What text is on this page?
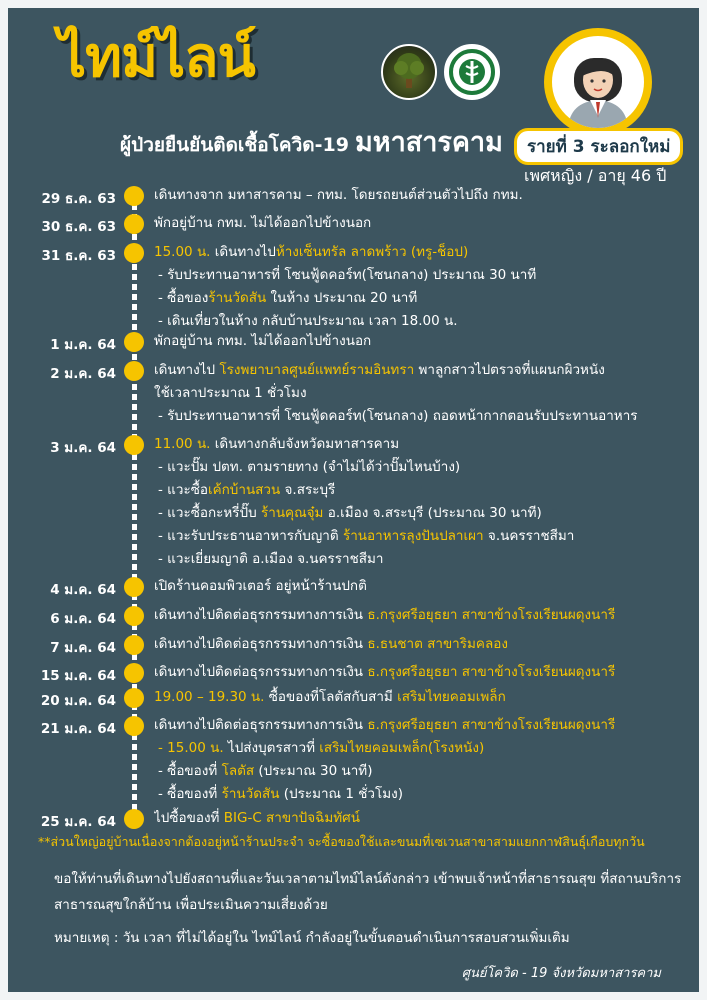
ไทม์ไลน์
ผู้ป่วยยืนยันติดเชื้อโควิด-19 มหาสารคาม	รายที่ 3 ระลอกใหม่
เพศหญิง / อายุ 46 ปี
29 ธ.ค. 63	เดินทางจาก มหาสารคาม – กทม. โดยรถยนต์ส่วนตัวไปถึง กทม.
30 ธ.ค. 63	พักอยู่บ้าน กทม. ไม่ได้ออกไปข้างนอก
31 ธ.ค. 63	15.00 น. เดินทางไปห้างเซ็นทรัล ลาดพร้าว (ทรู-ช็อป)
- รับประทานอาหารที่ โซนฟู้ดคอร์ท(โซนกลาง) ประมาณ 30 นาที
- ซื้อของร้านวัดสัน ในห้าง ประมาณ 20 นาที
- เดินเที่ยวในห้าง กลับบ้านประมาณ เวลา 18.00 น.
1 ม.ค. 64	พักอยู่บ้าน กทม. ไม่ได้ออกไปข้างนอก
2 ม.ค. 64	เดินทางไป โรงพยาบาลศูนย์แพทย์รามอินทรา พาลูกสาวไปตรวจที่แผนกผิวหนัง
ใช้เวลาประมาณ 1 ชั่วโมง
- รับประทานอาหารที่ โซนฟู้ดคอร์ท(โซนกลาง) ถอดหน้ากากตอนรับประทานอาหาร
3 ม.ค. 64	11.00 น. เดินทางกลับจังหวัดมหาสารคาม
- แวะปั๊ม ปตท. ตามรายทาง (จำไม่ได้ว่าปั๊มไหนบ้าง)
- แวะซื้อเค้กบ้านสวน จ.สระบุรี
- แวะซื้อกะหรี่ปั๊บ ร้านคุณจุ๋ม อ.เมือง จ.สระบุรี (ประมาณ 30 นาที)
- แวะรับประธานอาหารกับญาติ ร้านอาหารลุงปันปลาเผา จ.นครราชสีมา
- แวะเยี่ยมญาติ อ.เมือง จ.นครราชสีมา
4 ม.ค. 64	เปิดร้านคอมพิวเตอร์ อยู่หน้าร้านปกติ
6 ม.ค. 64	เดินทางไปติดต่อธุรกรรมทางการเงิน ธ.กรุงศรีอยุธยา สาขาข้างโรงเรียนผดุงนารี
7 ม.ค. 64	เดินทางไปติดต่อธุรกรรมทางการเงิน ธ.ธนชาต สาขาริมคลอง
15 ม.ค. 64	เดินทางไปติดต่อธุรกรรมทางการเงิน ธ.กรุงศรีอยุธยา สาขาข้างโรงเรียนผดุงนารี
20 ม.ค. 64	19.00 – 19.30 น. ซื้อของที่โลตัสกับสามี เสริมไทยคอมเพล็ก
21 ม.ค. 64	เดินทางไปติดต่อธุรกรรมทางการเงิน ธ.กรุงศรีอยุธยา สาขาข้างโรงเรียนผดุงนารี
- 15.00 น. ไปส่งบุตรสาวที่ เสริมไทยคอมเพล็ก(โรงหนัง)
- ซื้อของที่ โลตัส (ประมาณ 30 นาที)
- ซื้อของที่ ร้านวัดสัน (ประมาณ 1 ชั่วโมง)
25 ม.ค. 64	ไปซื้อของที่ BIG-C สาขาปัจฉิมทัศน์
**ส่วนใหญ่อยู่บ้านเนื่องจากต้องอยู่หน้าร้านประจำ จะซื้อของใช้และขนมที่เซเวนสาขาสามแยกกาฬสินธุ์เกือบทุกวัน
ขอให้ท่านที่เดินทางไปยังสถานที่และวันเวลาตามไทม์ไลน์ดังกล่าว เข้าพบเจ้าหน้าที่สาธารณสุข ที่สถานบริการสาธารณสุขใกล้บ้าน เพื่อประเมินความเสี่ยงด้วย
หมายเหตุ : วัน เวลา ที่ไม่ได้อยู่ใน ไทม์ไลน์ กำลังอยู่ในขั้นตอนดำเนินการสอบสวนเพิ่มเติม
ศูนย์โควิด - 19 จังหวัดมหาสารคาม
